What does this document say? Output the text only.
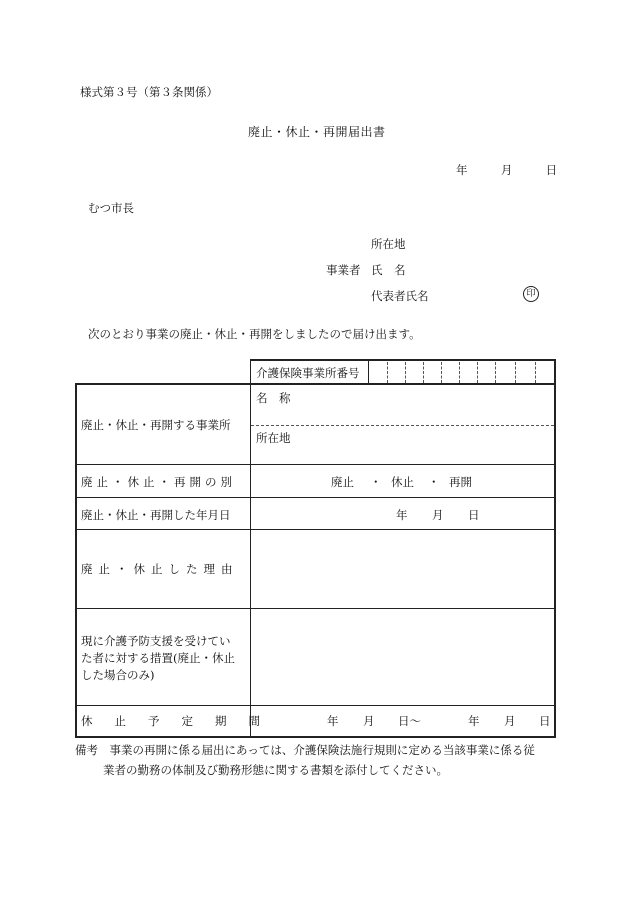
様式第３号（第３条関係）
廃止・休止・再開届出書
年	月	日
むつ市長
所在地
事業者 氏　名
代表者氏名	印
次のとおり事業の廃止・休止・再開をしましたので届け出ます。
介護保険事業所番号
廃止・休止・再開する事業所
名　称
所在地
廃止・休止・再開の別	廃止 ・ 休止 ・ 再開
廃止・休止・再開した年月日	年 月 日
廃止・休止した理由
現に介護予防支援を受けてい
た者に対する措置(廃止・休止
した場合のみ)
休止予定期間	年 月 日〜	年 月 日
備考　事業の再開に係る届出にあっては、介護保険法施行規則に定める当該事業に係る従
業者の勤務の体制及び勤務形態に関する書類を添付してください。
